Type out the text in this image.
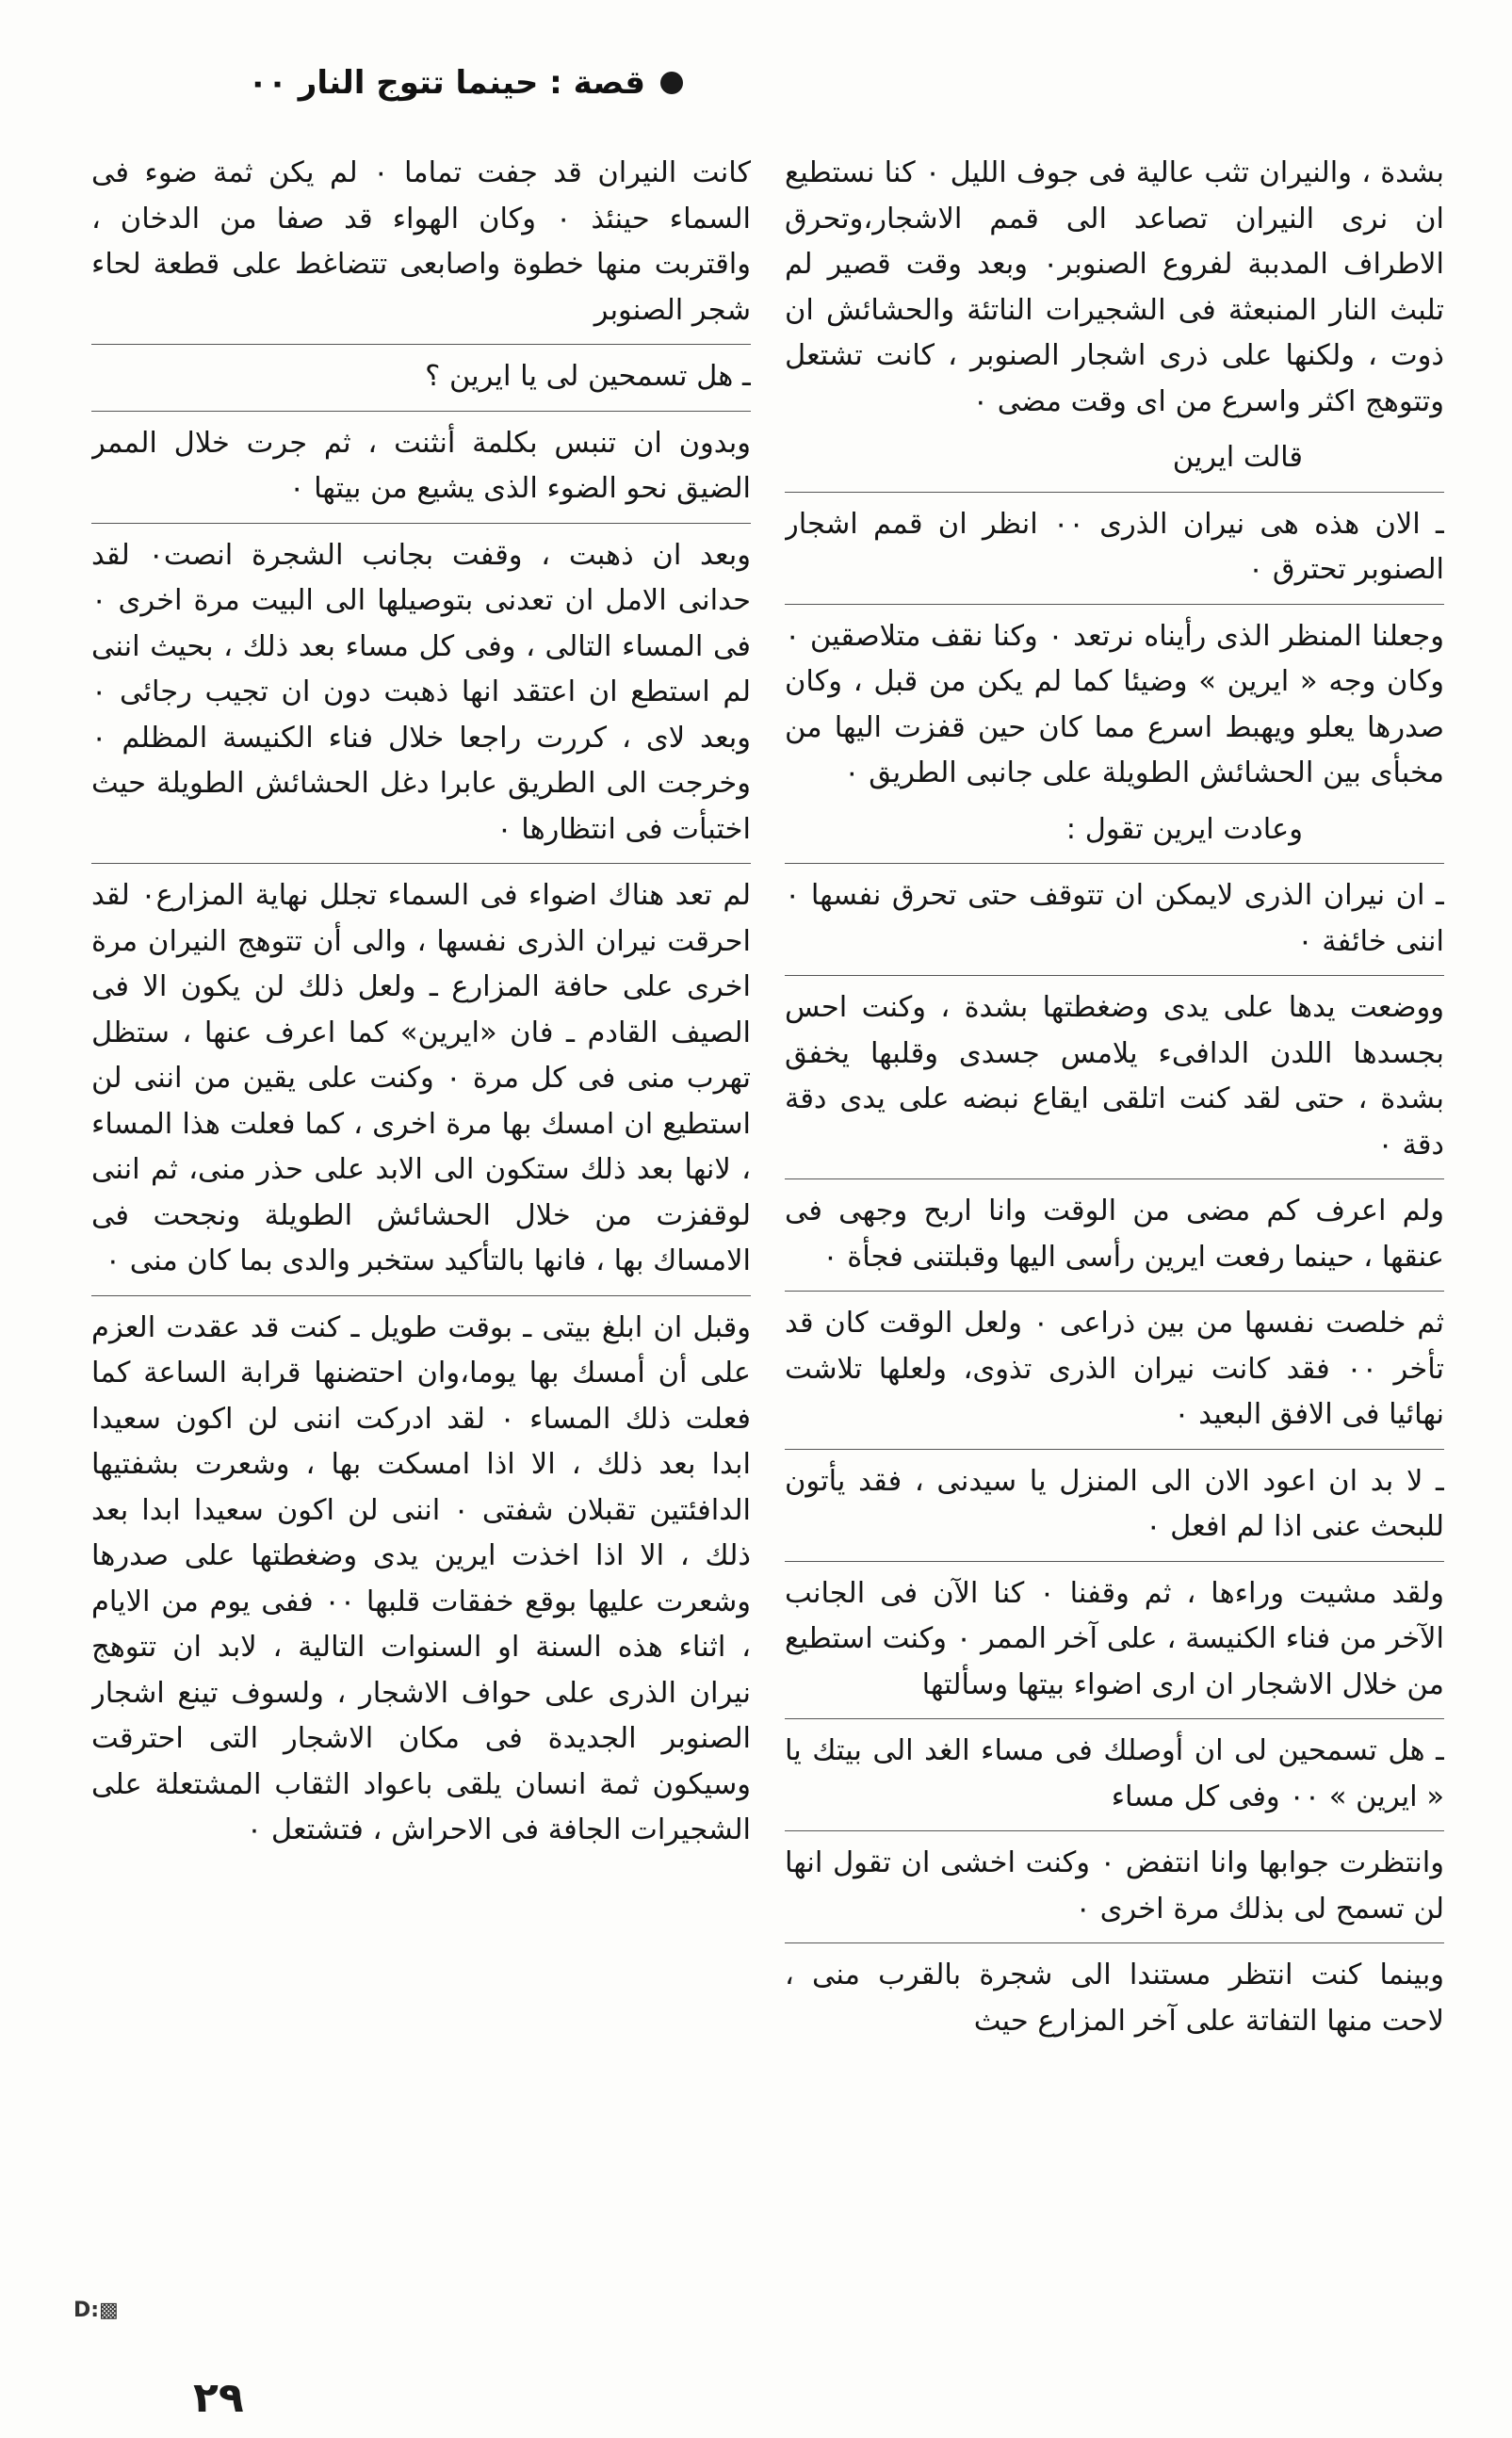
قصة : حينما تتوج النار ٠٠

بشدة ، والنيران تثب عالية فى جوف الليل ٠ كنا نستطيع ان نرى النيران تصاعد الى قمم الاشجار،وتحرق الاطراف المدببة لفروع الصنوبر٠ وبعد وقت قصير لم تلبث النار المنبعثة فى الشجيرات الناتئة والحشائش ان ذوت ، ولكنها على ذرى اشجار الصنوبر ، كانت تشتعل وتتوهج اكثر واسرع من اى وقت مضى ٠

قالت ايرين

ـ الان هذه هى نيران الذرى ٠٠ انظر ان قمم اشجار الصنوبر تحترق ٠

وجعلنا المنظر الذى رأيناه نرتعد ٠ وكنا نقف متلاصقين ٠ وكان وجه « ايرين » وضيئا كما لم يكن من قبل ، وكان صدرها يعلو ويهبط اسرع مما كان حين قفزت اليها من مخبأى بين الحشائش الطويلة على جانبى الطريق ٠

وعادت ايرين تقول :

ـ ان نيران الذرى لايمكن ان تتوقف حتى تحرق نفسها ٠ اننى خائفة ٠

ووضعت يدها على يدى وضغطتها بشدة ، وكنت احس بجسدها اللدن الدافىء يلامس جسدى وقلبها يخفق بشدة ، حتى لقد كنت اتلقى ايقاع نبضه على يدى دقة دقة ٠

ولم اعرف كم مضى من الوقت وانا اربح وجهى فى عنقها ، حينما رفعت ايرين رأسى اليها وقبلتنى فجأة ٠

ثم خلصت نفسها من بين ذراعى ٠ ولعل الوقت كان قد تأخر ٠٠ فقد كانت نيران الذرى تذوى، ولعلها تلاشت نهائيا فى الافق البعيد ٠

ـ لا بد ان اعود الان الى المنزل يا سيدنى ، فقد يأتون للبحث عنى اذا لم افعل ٠

ولقد مشيت وراءها ، ثم وقفنا ٠ كنا الآن فى الجانب الآخر من فناء الكنيسة ، على آخر الممر ٠ وكنت استطيع من خلال الاشجار ان ارى اضواء بيتها وسألتها

ـ هل تسمحين لى ان أوصلك فى مساء الغد الى بيتك يا « ايرين » ٠٠ وفى كل مساء

وانتظرت جوابها وانا انتفض ٠ وكنت اخشى ان تقول انها لن تسمح لى بذلك مرة اخرى ٠

وبينما كنت انتظر مستندا الى شجرة بالقرب منى ، لاحت منها التفاتة على آخر المزارع حيث

كانت النيران قد جفت تماما ٠ لم يكن ثمة ضوء فى السماء حينئذ ٠ وكان الهواء قد صفا من الدخان ، واقتربت منها خطوة واصابعى تتضاغط على قطعة لحاء شجر الصنوبر

ـ هل تسمحين لى يا ايرين ؟

وبدون ان تنبس بكلمة أنثنت ، ثم جرت خلال الممر الضيق نحو الضوء الذى يشيع من بيتها ٠

وبعد ان ذهبت ، وقفت بجانب الشجرة انصت٠ لقد حدانى الامل ان تعدنى بتوصيلها الى البيت مرة اخرى ٠ فى المساء التالى ، وفى كل مساء بعد ذلك ، بحيث اننى لم استطع ان اعتقد انها ذهبت دون ان تجيب رجائى ٠ وبعد لاى ، كررت راجعا خلال فناء الكنيسة المظلم ٠ وخرجت الى الطريق عابرا دغل الحشائش الطويلة حيث اختبأت فى انتظارها ٠

لم تعد هناك اضواء فى السماء تجلل نهاية المزارع٠ لقد احرقت نيران الذرى نفسها ، والى أن تتوهج النيران مرة اخرى على حافة المزارع ـ ولعل ذلك لن يكون الا فى الصيف القادم ـ فان «ايرين» كما اعرف عنها ، ستظل تهرب منى فى كل مرة ٠ وكنت على يقين من اننى لن استطيع ان امسك بها مرة اخرى ، كما فعلت هذا المساء ، لانها بعد ذلك ستكون الى الابد على حذر منى، ثم اننى لوقفزت من خلال الحشائش الطويلة ونجحت فى الامساك بها ، فانها بالتأكيد ستخبر والدى بما كان منى ٠

وقبل ان ابلغ بيتى ـ بوقت طويل ـ كنت قد عقدت العزم على أن أمسك بها يوما،وان احتضنها قرابة الساعة كما فعلت ذلك المساء ٠ لقد ادركت اننى لن اكون سعيدا ابدا بعد ذلك ، الا اذا امسكت بها ، وشعرت بشفتيها الدافئتين تقبلان شفتى ٠ اننى لن اكون سعيدا ابدا بعد ذلك ، الا اذا اخذت ايرين يدى وضغطتها على صدرها وشعرت عليها بوقع خفقات قلبها ٠٠ ففى يوم من الايام ، اثناء هذه السنة او السنوات التالية ، لابد ان تتوهج نيران الذرى على حواف الاشجار ، ولسوف تينع اشجار الصنوبر الجديدة فى مكان الاشجار التى احترقت وسيكون ثمة انسان يلقى باعواد الثقاب المشتعلة على الشجيرات الجافة فى الاحراش ، فتشتعل ٠

D:▩
٢٩
